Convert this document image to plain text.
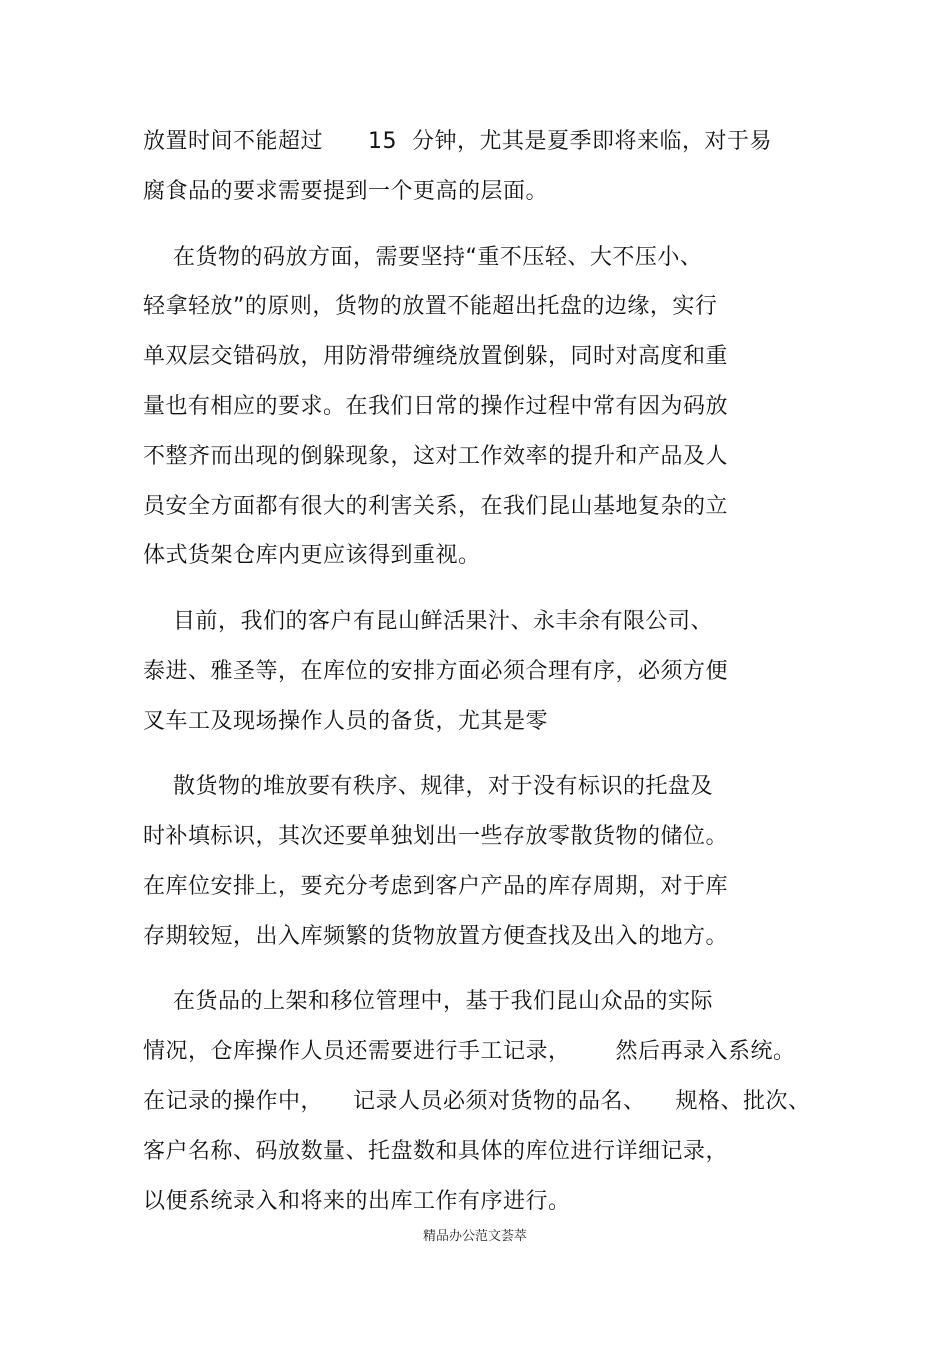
放置时间不能超过      15  分钟，尤其是夏季即将来临，对于易
腐食品的要求需要提到一个更高的层面。
在货物的码放方面，需要坚持“重不压轻、大不压小、
轻拿轻放”的原则，货物的放置不能超出托盘的边缘，实行
单双层交错码放，用防滑带缠绕放置倒躲，同时对高度和重
量也有相应的要求。在我们日常的操作过程中常有因为码放
不整齐而出现的倒躲现象，这对工作效率的提升和产品及人
员安全方面都有很大的利害关系，在我们昆山基地复杂的立
体式货架仓库内更应该得到重视。
目前，我们的客户有昆山鲜活果汁、永丰余有限公司、
泰进、雅圣等，在库位的安排方面必须合理有序，必须方便
叉车工及现场操作人员的备货，尤其是零
散货物的堆放要有秩序、规律，对于没有标识的托盘及
时补填标识，其次还要单独划出一些存放零散货物的储位。
在库位安排上，要充分考虑到客户产品的库存周期，对于库
存期较短，出入库频繁的货物放置方便查找及出入的地方。
在货品的上架和移位管理中，基于我们昆山众品的实际
情况，仓库操作人员还需要进行手工记录，      然后再录入系统。
在记录的操作中，    记录人员必须对货物的品名、    规格、批次、
客户名称、码放数量、托盘数和具体的库位进行详细记录，
以便系统录入和将来的出库工作有序进行。
精品办公范文荟萃
